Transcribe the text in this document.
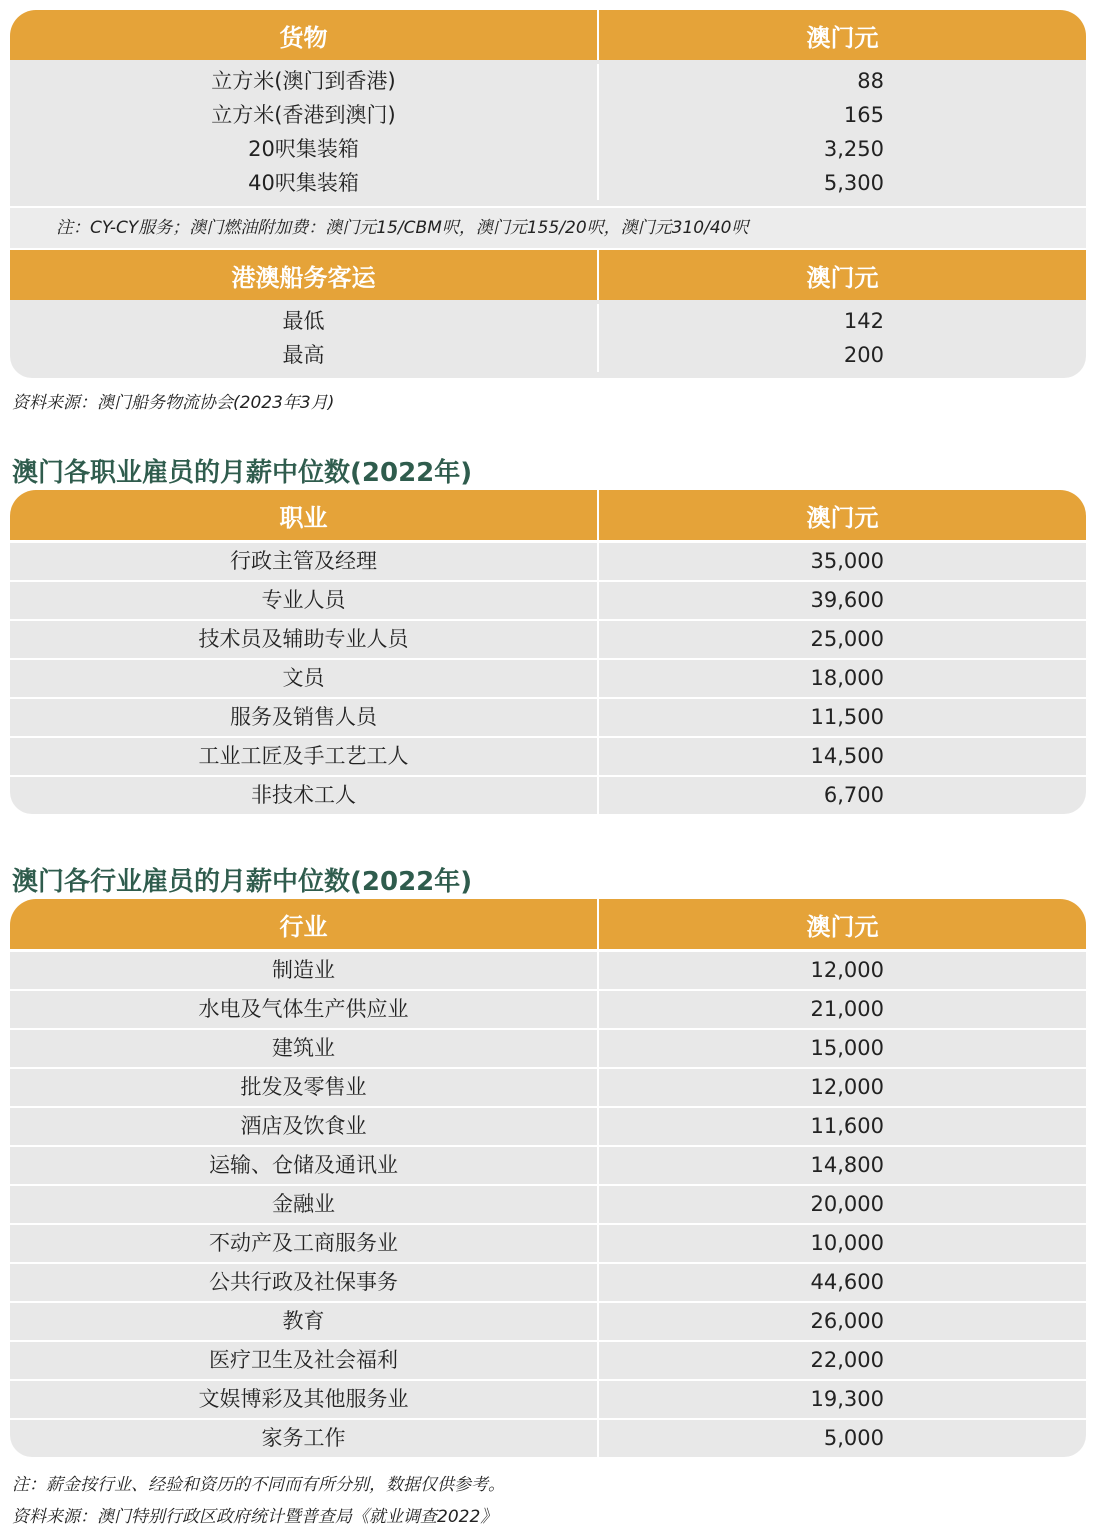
货物	澳门元
立方米(澳门到香港)	88
立方米(香港到澳门)	165
20呎集装箱	3,250
40呎集装箱	5,300
注：CY-CY服务；澳门燃油附加费：澳门元15/CBM呎，澳门元155/20呎，澳门元310/40呎
港澳船务客运	澳门元
最低	142
最高	200
资料来源：澳门船务物流协会(2023年3月)
澳门各职业雇员的月薪中位数(2022年)
职业	澳门元
行政主管及经理	35,000
专业人员	39,600
技术员及辅助专业人员	25,000
文员	18,000
服务及销售人员	11,500
工业工匠及手工艺工人	14,500
非技术工人	6,700
澳门各行业雇员的月薪中位数(2022年)
行业	澳门元
制造业	12,000
水电及气体生产供应业	21,000
建筑业	15,000
批发及零售业	12,000
酒店及饮食业	11,600
运输、仓储及通讯业	14,800
金融业	20,000
不动产及工商服务业	10,000
公共行政及社保事务	44,600
教育	26,000
医疗卫生及社会福利	22,000
文娱博彩及其他服务业	19,300
家务工作	5,000
注：薪金按行业、经验和资历的不同而有所分别，数据仅供参考。
资料来源：澳门特别行政区政府统计暨普查局《就业调查2022》
